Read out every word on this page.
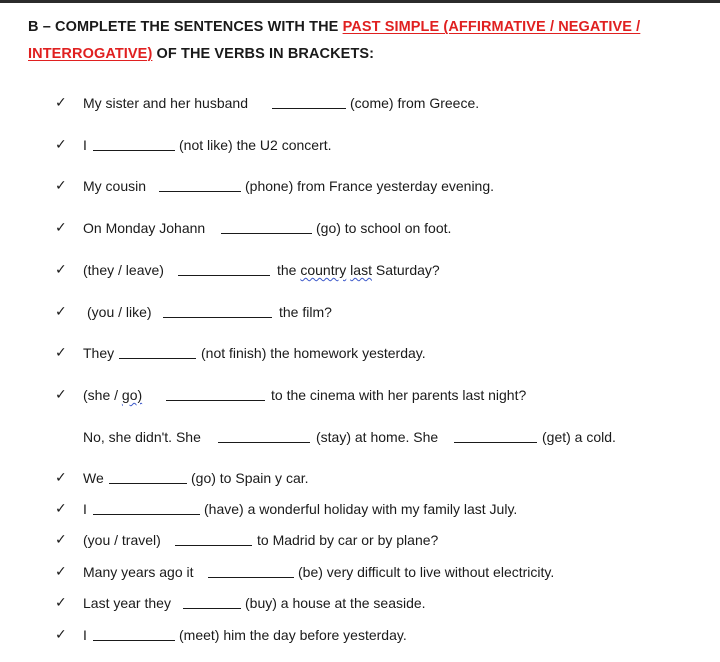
B – COMPLETE THE SENTENCES WITH THE PAST SIMPLE (AFFIRMATIVE / NEGATIVE /
INTERROGATIVE) OF THE VERBS IN BRACKETS:
✓ My sister and her husband	(come) from Greece.
✓ I	(not like) the U2 concert.
✓ My cousin	(phone) from France yesterday evening.
✓ On Monday Johann	(go) to school on foot.
✓ (they / leave)	the country last Saturday?
✓ (you / like)	the film?
✓ They	(not finish) the homework yesterday.
✓ (she / go)	to the cinema with her parents last night?
No, she didn't. She	(stay) at home. She	(get) a cold.
✓ We	(go) to Spain y car.
✓ I	(have) a wonderful holiday with my family last July.
✓ (you / travel)	to Madrid by car or by plane?
✓ Many years ago it	(be) very difficult to live without electricity.
✓ Last year they	(buy) a house at the seaside.
✓ I	(meet) him the day before yesterday.
